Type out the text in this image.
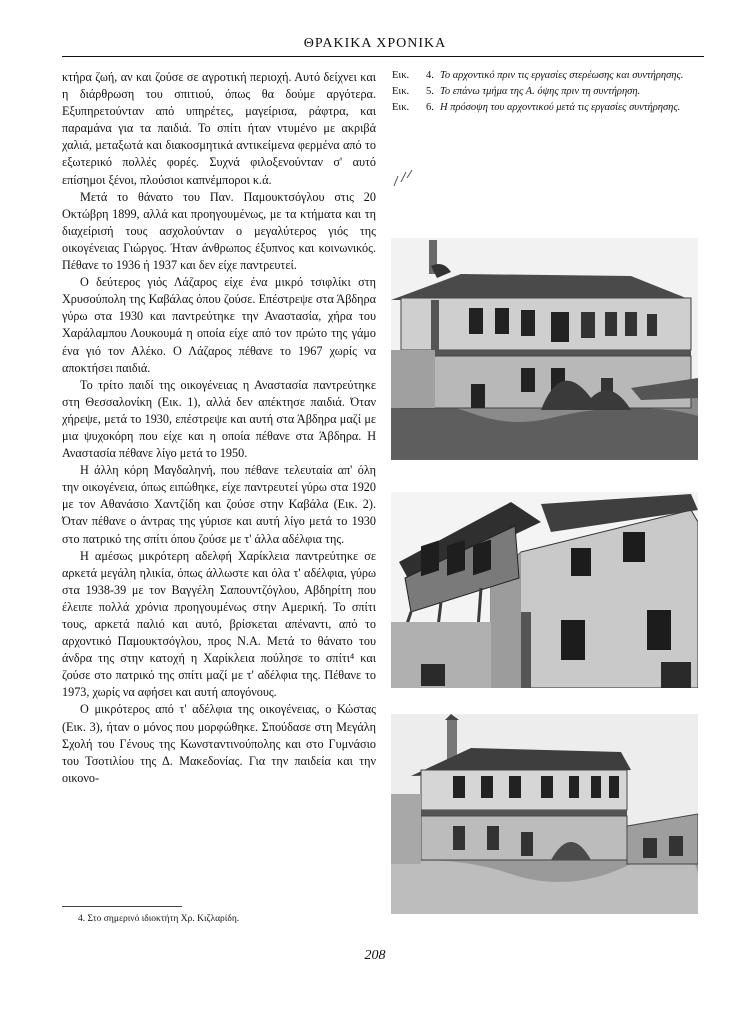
ΘΡΑΚΙΚΑ ΧΡΟΝΙΚΑ

κτήρα ζωή, αν και ζούσε σε αγροτική περιοχή. Αυτό δείχνει και η διάρθρωση του σπιτιού, όπως θα δούμε αργότερα. Εξυπηρετούνταν από υπηρέτες, μαγείρισα, ράφτρα, και παραμάνα για τα παιδιά. Το σπίτι ήταν ντυμένο με ακριβά χαλιά, μεταξωτά και διακοσμητικά αντικείμενα φερμένα από το εξωτερικό πολλές φορές. Συχνά φιλοξενούνταν σ' αυτό επίσημοι ξένοι, πλούσιοι καπνέμποροι κ.ά.

Μετά το θάνατο του Παν. Παμουκτσόγλου στις 20 Οκτώβρη 1899, αλλά και προηγουμένως, με τα κτήματα και τη διαχείρισή τους ασχολούνταν ο μεγαλύτερος γιός της οικογένειας Γιώργος. Ήταν άνθρωπος έξυπνος και κοινωνικός. Πέθανε το 1936 ή 1937 και δεν είχε παντρευτεί.

Ο δεύτερος γιός Λάζαρος είχε ένα μικρό τσιφλίκι στη Χρυσούπολη της Καβάλας όπου ζούσε. Επέστρεψε στα Άβδηρα γύρω στα 1930 και παντρεύτηκε την Αναστασία, χήρα του Χαράλαμπου Λουκουμά η οποία είχε από τον πρώτο της γάμο ένα γιό τον Αλέκο. Ο Λάζαρος πέθανε το 1967 χωρίς να αποκτήσει παιδιά.

Το τρίτο παιδί της οικογένειας η Αναστασία παντρεύτηκε στη Θεσσαλονίκη (Εικ. 1), αλλά δεν απέκτησε παιδιά. Όταν χήρεψε, μετά το 1930, επέστρεψε και αυτή στα Άβδηρα μαζί με μια ψυχοκόρη που είχε και η οποία πέθανε στα Άβδηρα. Η Αναστασία πέθανε λίγο μετά το 1950.

Η άλλη κόρη Μαγδαληνή, που πέθανε τελευταία απ' όλη την οικογένεια, όπως ειπώθηκε, είχε παντρευτεί γύρω στα 1920 με τον Αθανάσιο Χαντζίδη και ζούσε στην Καβάλα (Εικ. 2). Όταν πέθανε ο άντρας της γύρισε και αυτή λίγο μετά το 1930 στο πατρικό της σπίτι όπου ζούσε με τ' άλλα αδέλφια της.

Η αμέσως μικρότερη αδελφή Χαρίκλεια παντρεύτηκε σε αρκετά μεγάλη ηλικία, όπως άλλωστε και όλα τ' αδέλφια, γύρω στα 1938-39 με τον Βαγγέλη Σαπουντζόγλου, Αβδηρίτη που έλειπε πολλά χρόνια προηγουμένως στην Αμερική. Το σπίτι τους, αρκετά παλιό και αυτό, βρίσκεται απέναντι, από το αρχοντικό Παμουκτσόγλου, προς Ν.Α. Μετά το θάνατο του άνδρα της στην κατοχή η Χαρίκλεια πούλησε το σπίτι⁴ και ζούσε στο πατρικό της σπίτι μαζί με τ' αδέλφια της. Πέθανε το 1973, χωρίς να αφήσει και αυτή απογόνους.

Ο μικρότερος από τ' αδέλφια της οικογένειας, ο Κώστας (Εικ. 3), ήταν ο μόνος που μορφώθηκε. Σπούδασε στη Μεγάλη Σχολή του Γένους της Κωνσταντινούπολης και στο Γυμνάσιο του Τσοτιλίου της Δ. Μακεδονίας. Για την παιδεία και την οικονο-

Εικ.	4. Το αρχοντικό πριν τις εργασίες στερέωσης και συντήρησης.
Εικ.	5. Το επάνω τμήμα της Α. όψης πριν τη συντήρηση.
Εικ.	6. Η πρόσοψη του αρχοντικού μετά τις εργασίες συντήρησης.
4. Στο σημερινό ιδιοκτήτη Χρ. Κιζλαρίδη.
208
